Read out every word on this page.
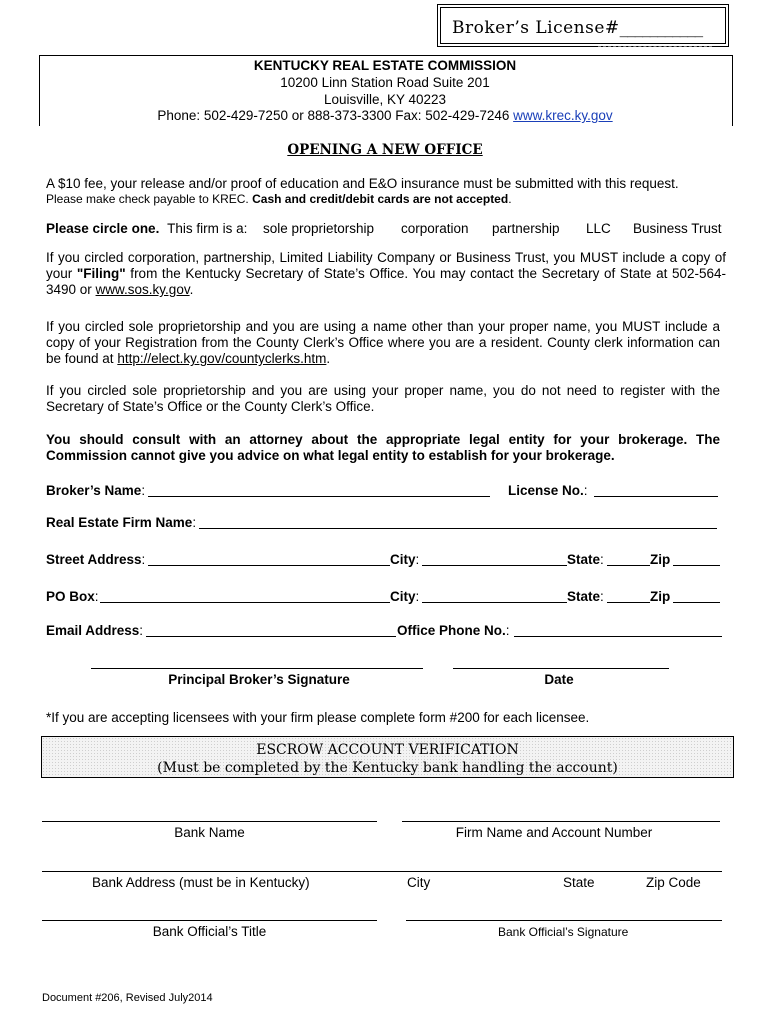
Broker’s License#___________
KENTUCKY REAL ESTATE COMMISSION
10200 Linn Station Road Suite 201
Louisville, KY 40223
Phone: 502-429-7250 or 888-373-3300 Fax: 502-429-7246 www.krec.ky.gov
OPENING A NEW OFFICE
A $10 fee, your release and/or proof of education and E&O insurance must be submitted with this request.
Please make check payable to KREC. Cash and credit/debit cards are not accepted.
Please circle one. This firm is a: sole proprietorship corporation partnership LLC Business Trust

If you circled corporation, partnership, Limited Liability Company or Business Trust, you MUST include a copy of your "Filing" from the Kentucky Secretary of State’s Office. You may contact the Secretary of State at 502-564-3490 or www.sos.ky.gov.

If you circled sole proprietorship and you are using a name other than your proper name, you MUST include a copy of your Registration from the County Clerk’s Office where you are a resident. County clerk information can be found at http://elect.ky.gov/countyclerks.htm.

If you circled sole proprietorship and you are using your proper name, you do not need to register with the Secretary of State’s Office or the County Clerk’s Office.

You should consult with an attorney about the appropriate legal entity for your brokerage. The Commission cannot give you advice on what legal entity to establish for your brokerage.

Broker’s Name:	License No.:
Real Estate Firm Name:
Street Address:	City:	State:	Zip
PO Box:	City:	State:	Zip
Email Address:	Office Phone No.:
Principal Broker’s Signature	Date
*If you are accepting licensees with your firm please complete form #200 for each licensee.
ESCROW ACCOUNT VERIFICATION
(Must be completed by the Kentucky bank handling the account)
Bank Name	Firm Name and Account Number
Bank Address (must be in Kentucky)	City	State	Zip Code
Bank Official’s Title	Bank Official’s Signature
Document #206, Revised July2014
